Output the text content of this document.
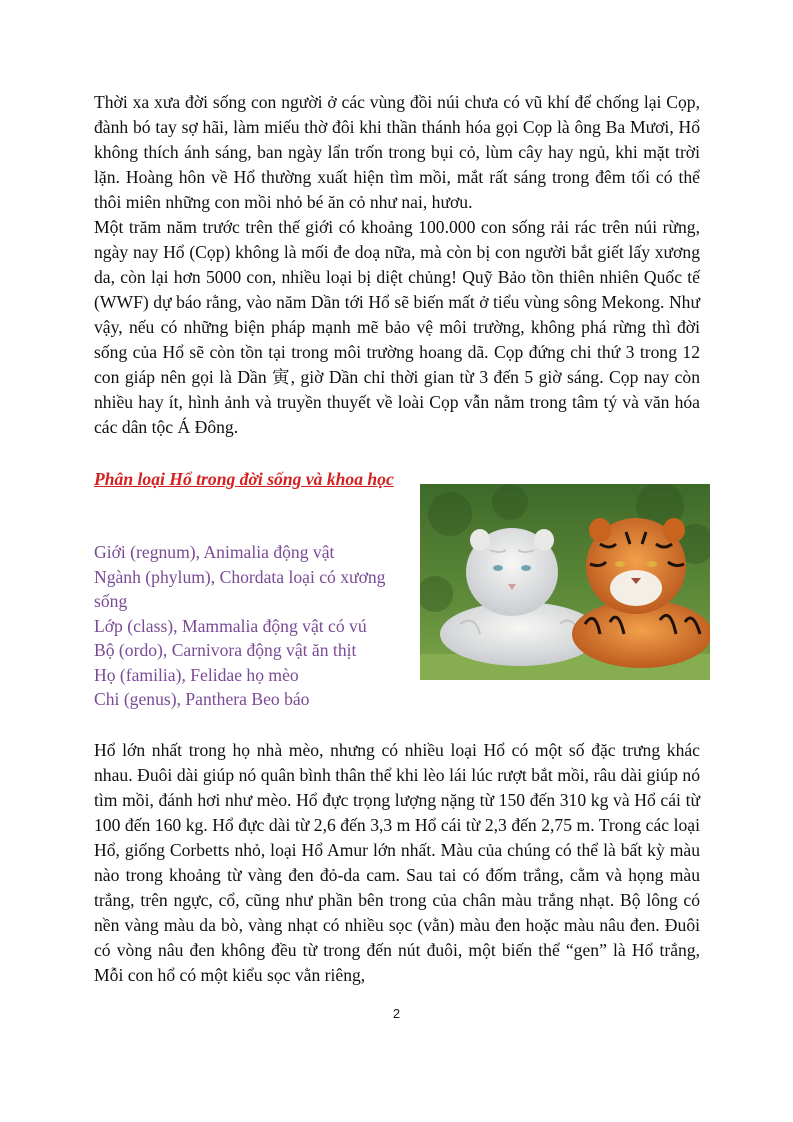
Thời xa xưa đời sống con người ở các vùng đồi núi chưa có vũ khí để chống lại Cọp, đành bó tay sợ hãi, làm miếu thờ đôi khi thần thánh hóa gọi Cọp là ông Ba Mươi, Hổ không thích ánh sáng, ban ngày lẩn trốn trong bụi cỏ, lùm cây hay ngủ, khi mặt trời lặn. Hoàng hôn về Hổ thường xuất hiện tìm mồi, mắt rất sáng trong đêm tối có thể thôi miên những con mồi nhỏ bé ăn cỏ như nai, hươu.

Một trăm năm trước trên thế giới có khoảng 100.000 con sống rải rác trên núi rừng, ngày nay Hổ (Cọp) không là mối đe doạ nữa, mà còn bị con người bắt giết lấy xương da, còn lại hơn 5000 con, nhiều loại bị diệt chủng! Quỹ Bảo tồn thiên nhiên Quốc tế (WWF) dự báo rằng, vào năm Dần tới Hổ sẽ biến mất ở tiểu vùng sông Mekong. Như vậy, nếu có những biện pháp mạnh mẽ bảo vệ môi trường, không phá rừng thì đời sống của Hổ sẽ còn tồn tại trong môi trường hoang dã. Cọp đứng chi thứ 3 trong 12 con giáp nên gọi là Dần 寅, giờ Dần chỉ thời gian từ 3 đến 5 giờ sáng. Cọp nay còn nhiều hay ít, hình ảnh và truyền thuyết về loài Cọp vẫn nằm trong tâm tý và văn hóa các dân tộc Á Đông.

Phân loại Hổ trong đời sống và khoa học

Giới (regnum), Animalia động vật
Ngành (phylum), Chordata loại có xương sống
Lớp (class), Mammalia động vật có vú
Bộ (ordo), Carnivora động vật ăn thịt
Họ (familia), Felidae họ mèo
Chi (genus), Panthera Beo báo

Hổ lớn nhất trong họ nhà mèo, nhưng có nhiều loại Hổ có một số đặc trưng khác nhau. Đuôi dài giúp nó quân bình thân thể khi lèo lái lúc rượt bắt mồi, râu dài giúp nó tìm mồi, đánh hơi như mèo. Hổ đực trọng lượng nặng từ 150 đến 310 kg và Hổ cái từ 100 đến 160 kg. Hổ đực dài từ 2,6 đến 3,3 m Hổ cái từ 2,3 đến 2,75 m. Trong các loại Hổ, giống Corbetts nhỏ, loại Hổ Amur lớn nhất. Màu của chúng có thể là bất kỳ màu nào trong khoảng từ vàng đen đỏ-da cam. Sau tai có đốm trắng, cằm và họng màu trắng, trên ngực, cổ, cũng như phần bên trong của chân màu trắng nhạt. Bộ lông có nền vàng màu da bò, vàng nhạt có nhiều sọc (vằn) màu đen hoặc màu nâu đen. Đuôi có vòng nâu đen không đều từ trong đến nút đuôi, một biến thể “gen” là Hổ trắng, Mỗi con hổ có một kiểu sọc vằn riêng,

2
